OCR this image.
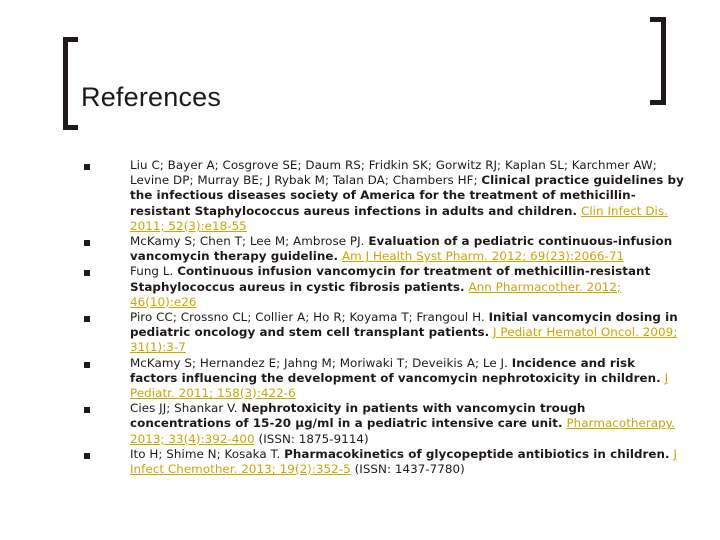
References
Liu C; Bayer A; Cosgrove SE; Daum RS; Fridkin SK; Gorwitz RJ; Kaplan SL; Karchmer AW; Levine DP; Murray BE; J Rybak M; Talan DA; Chambers HF; Clinical practice guidelines by the infectious diseases society of America for the treatment of methicillin-resistant Staphylococcus aureus infections in adults and children. Clin Infect Dis. 2011; 52(3):e18-55
McKamy S; Chen T; Lee M; Ambrose PJ. Evaluation of a pediatric continuous-infusion vancomycin therapy guideline. Am J Health Syst Pharm. 2012; 69(23):2066-71
Fung L. Continuous infusion vancomycin for treatment of methicillin-resistant Staphylococcus aureus in cystic fibrosis patients. Ann Pharmacother. 2012; 46(10):e26
Piro CC; Crossno CL; Collier A; Ho R; Koyama T; Frangoul H. Initial vancomycin dosing in pediatric oncology and stem cell transplant patients. J Pediatr Hematol Oncol. 2009; 31(1):3-7
McKamy S; Hernandez E; Jahng M; Moriwaki T; Deveikis A; Le J. Incidence and risk factors influencing the development of vancomycin nephrotoxicity in children. J Pediatr. 2011; 158(3):422-6
Cies JJ; Shankar V. Nephrotoxicity in patients with vancomycin trough concentrations of 15-20 μg/ml in a pediatric intensive care unit. Pharmacotherapy. 2013; 33(4):392-400 (ISSN: 1875-9114)
Ito H; Shime N; Kosaka T. Pharmacokinetics of glycopeptide antibiotics in children. J Infect Chemother. 2013; 19(2):352-5 (ISSN: 1437-7780)
